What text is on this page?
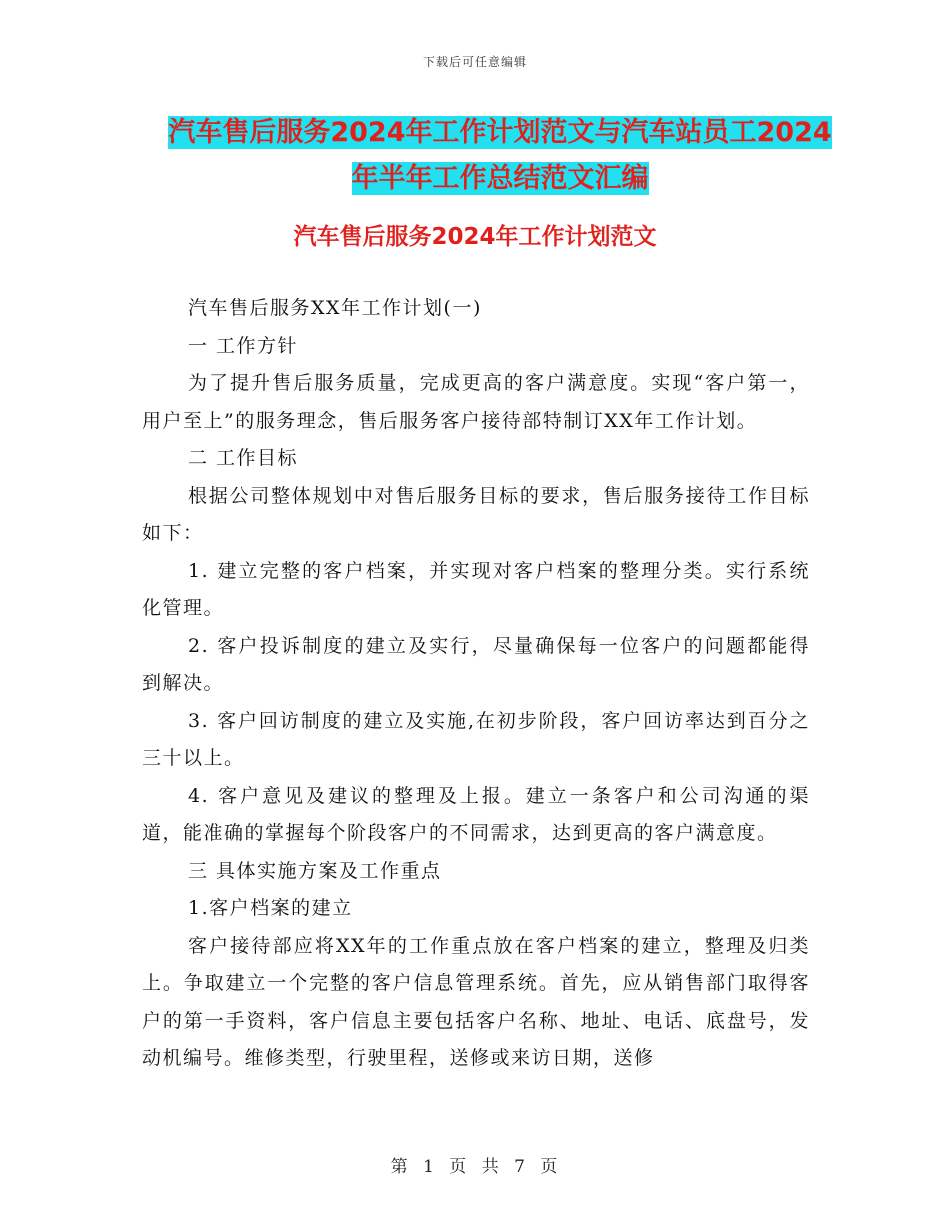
下载后可任意编辑
汽车售后服务2024年工作计划范文与汽车站员工2024
年半年工作总结范文汇编
汽车售后服务2024年工作计划范文

汽车售后服务XX年工作计划(一)

一 工作方针

为了提升售后服务质量，完成更高的客户满意度。实现“客户第一，用户至上”的服务理念，售后服务客户接待部特制订XX年工作计划。

二 工作目标

根据公司整体规划中对售后服务目标的要求，售后服务接待工作目标如下：

1. 建立完整的客户档案，并实现对客户档案的整理分类。实行系统化管理。

2. 客户投诉制度的建立及实行，尽量确保每一位客户的问题都能得到解决。

3. 客户回访制度的建立及实施,在初步阶段，客户回访率达到百分之三十以上。

4. 客户意见及建议的整理及上报。建立一条客户和公司沟通的渠道，能准确的掌握每个阶段客户的不同需求，达到更高的客户满意度。

三 具体实施方案及工作重点

1.客户档案的建立

客户接待部应将XX年的工作重点放在客户档案的建立，整理及归类上。争取建立一个完整的客户信息管理系统。首先，应从销售部门取得客户的第一手资料，客户信息主要包括客户名称、地址、电话、底盘号，发动机编号。维修类型，行驶里程，送修或来访日期，送修

第 1 页 共 7 页
